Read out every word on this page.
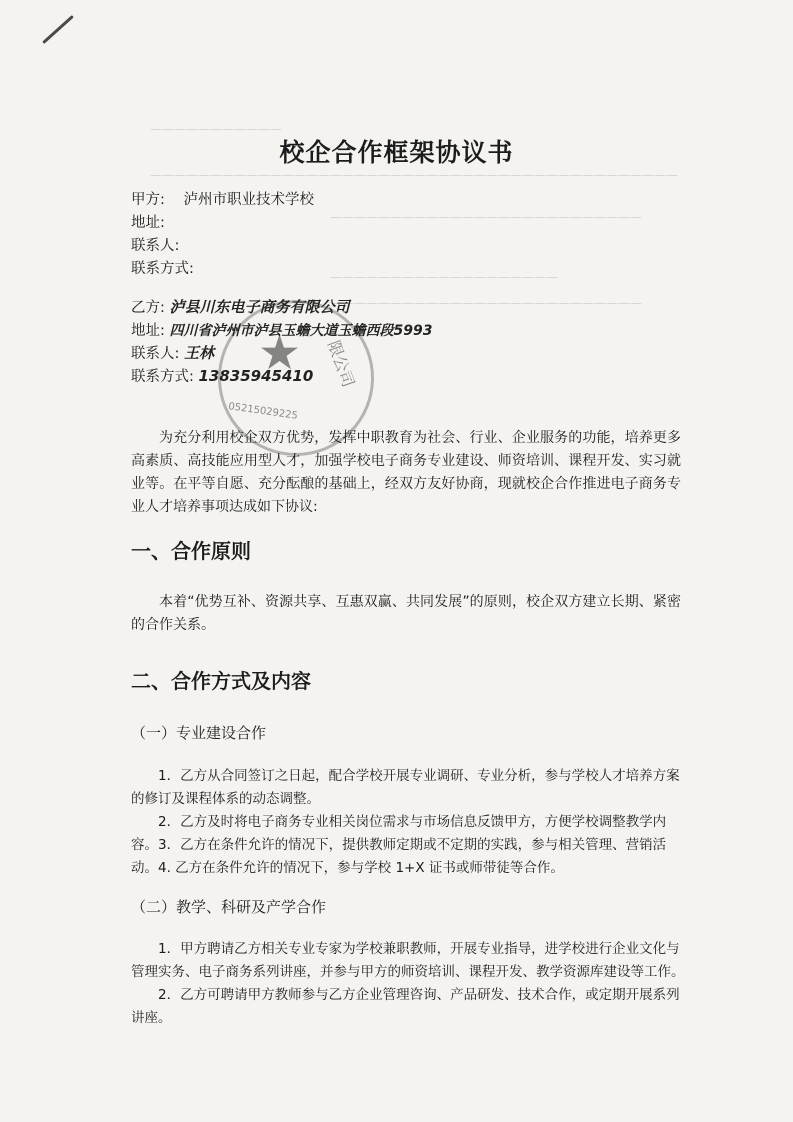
———————————
————————————————————————————————————————————
——————————————————————————
———————————————————
——————————————————————————
校企合作框架协议书
甲方: 泸州市职业技术学校
地址:
联系人:
联系方式:
★ 限公司
05215029225
乙方: 泸县川东电子商务有限公司
地址: 四川省泸州市泸县玉蟾大道玉蟾西段5993
联系人: 王林
联系方式: 13835945410
为充分利用校企双方优势，发挥中职教育为社会、行业、企业服务的功能，培养更多高素质、高技能应用型人才，加强学校电子商务专业建设、师资培训、课程开发、实习就业等。在平等自愿、充分酝酿的基础上，经双方友好协商，现就校企合作推进电子商务专业人才培养事项达成如下协议:
一、合作原则
本着“优势互补、资源共享、互惠双赢、共同发展”的原则，校企双方建立长期、紧密的合作关系。
二、合作方式及内容
（一）专业建设合作
1．乙方从合同签订之日起，配合学校开展专业调研、专业分析，参与学校人才培养方案的修订及课程体系的动态调整。
2．乙方及时将电子商务专业相关岗位需求与市场信息反馈甲方，方便学校调整教学内容。 3．乙方在条件允许的情况下，提供教师定期或不定期的实践，参与相关管理、营销活动。 4. 乙方在条件允许的情况下，参与学校 1+X 证书或师带徒等合作。
（二）教学、科研及产学合作
1．甲方聘请乙方相关专业专家为学校兼职教师，开展专业指导，进学校进行企业文化与管理实务、电子商务系列讲座，并参与甲方的师资培训、课程开发、教学资源库建设等工作。
2．乙方可聘请甲方教师参与乙方企业管理咨询、产品研发、技术合作，或定期开展系列讲座。
